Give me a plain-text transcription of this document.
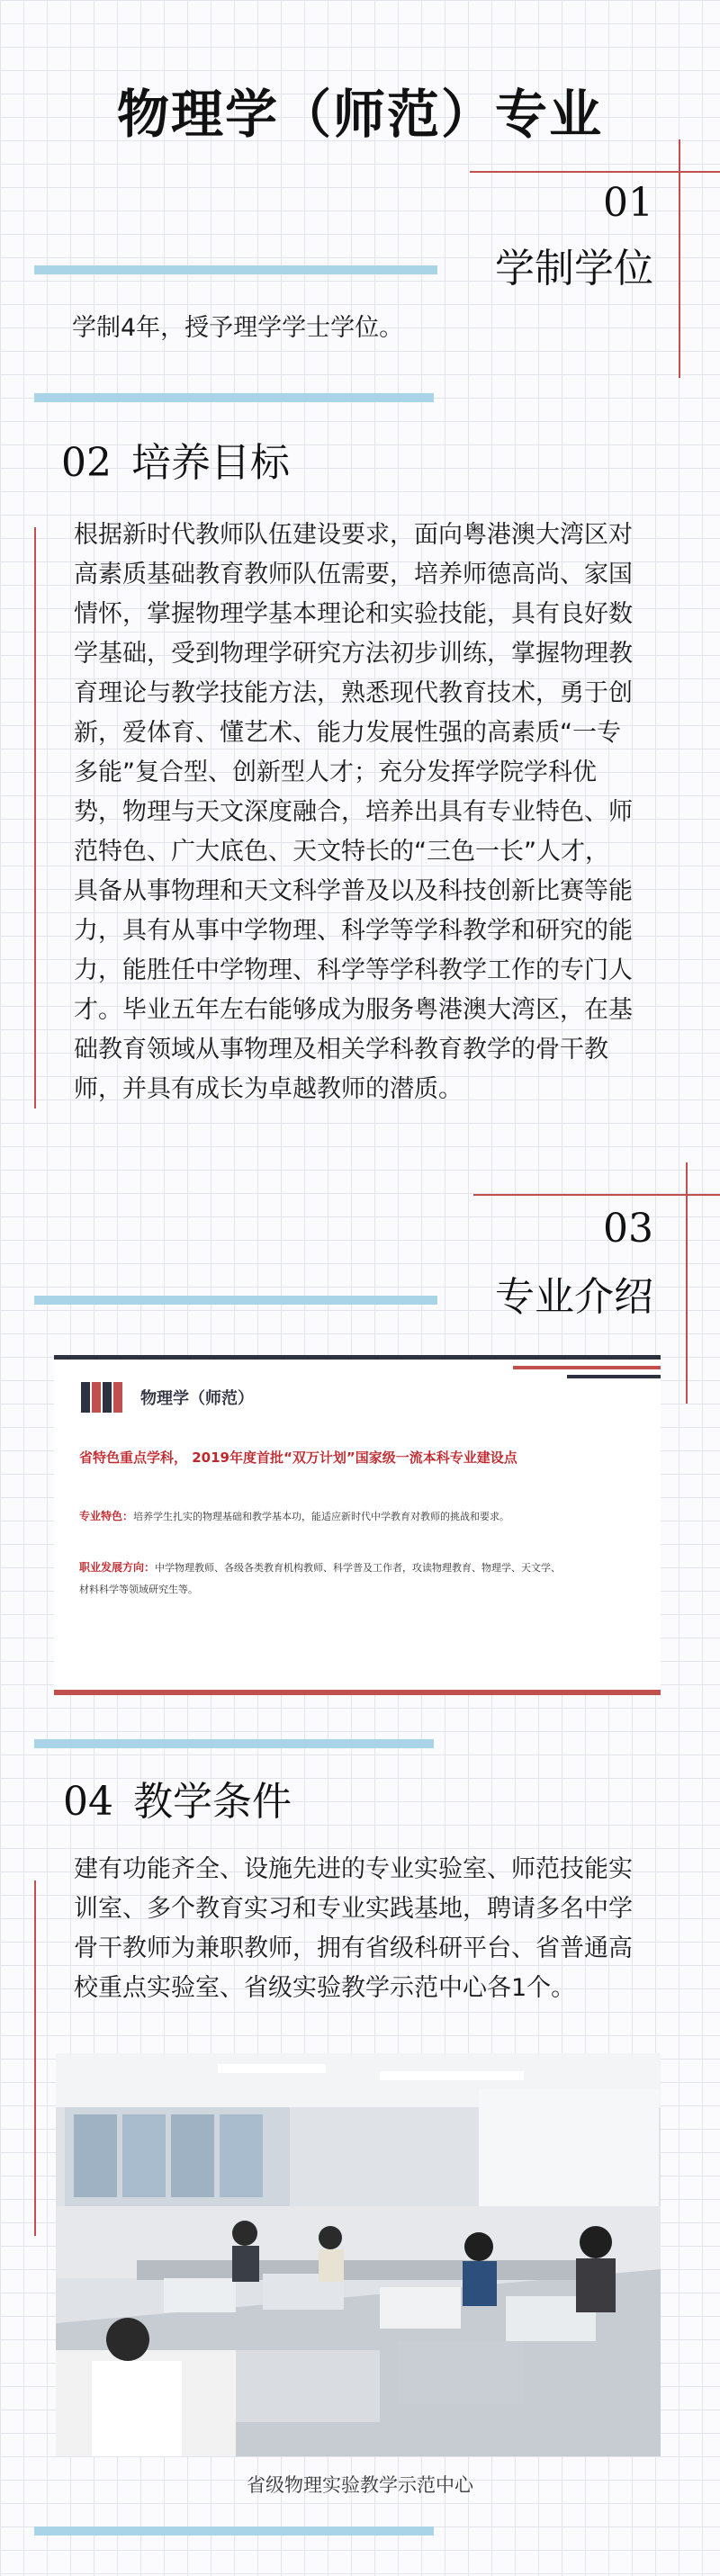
物理学（师范）专业
01
学制学位
学制4年，授予理学学士学位。
02 培养目标
根据新时代教师队伍建设要求，面向粤港澳大湾区对
高素质基础教育教师队伍需要，培养师德高尚、家国
情怀，掌握物理学基本理论和实验技能，具有良好数
学基础，受到物理学研究方法初步训练，掌握物理教
育理论与教学技能方法，熟悉现代教育技术，勇于创
新，爱体育、懂艺术、能力发展性强的高素质“一专
多能”复合型、创新型人才；充分发挥学院学科优
势，物理与天文深度融合，培养出具有专业特色、师
范特色、广大底色、天文特长的“三色一长”人才，
具备从事物理和天文科学普及以及科技创新比赛等能
力，具有从事中学物理、科学等学科教学和研究的能
力，能胜任中学物理、科学等学科教学工作的专门人
才。毕业五年左右能够成为服务粤港澳大湾区，在基
础教育领域从事物理及相关学科教育教学的骨干教
师，并具有成长为卓越教师的潜质。
03
专业介绍
物理学（师范）
省特色重点学科， 2019年度首批“双万计划”国家级一流本科专业建设点
专业特色：培养学生扎实的物理基础和教学基本功，能适应新时代中学教育对教师的挑战和要求。
职业发展方向：中学物理教师、各级各类教育机构教师、科学普及工作者，攻读物理教育、物理学、天文学、
材料科学等领域研究生等。
04 教学条件
建有功能齐全、设施先进的专业实验室、师范技能实
训室、多个教育实习和专业实践基地，聘请多名中学
骨干教师为兼职教师，拥有省级科研平台、省普通高
校重点实验室、省级实验教学示范中心各1个。
省级物理实验教学示范中心
